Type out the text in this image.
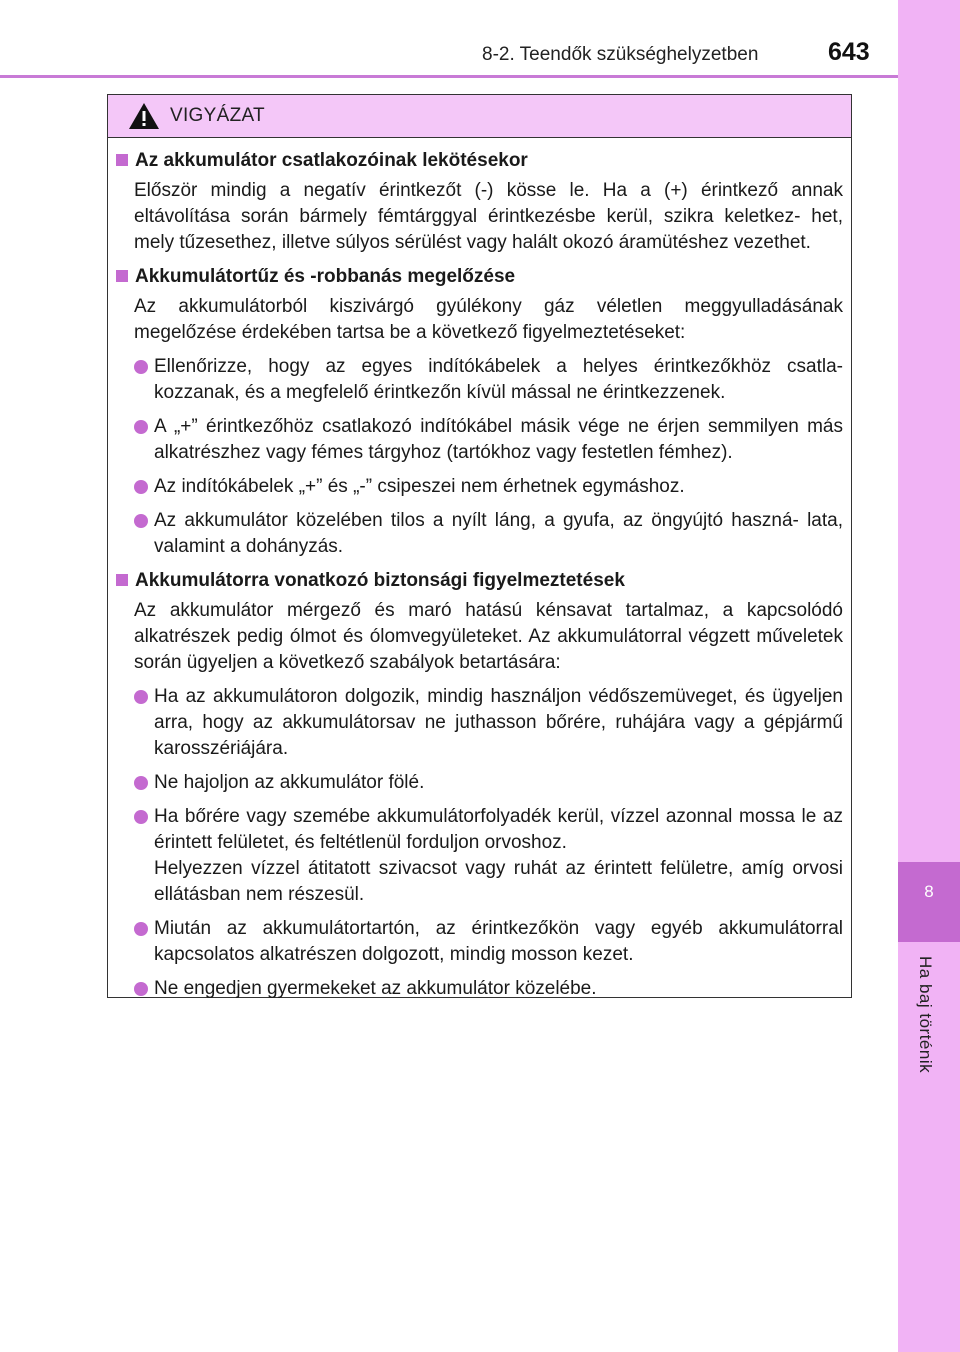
8-2. Teendők szükséghelyzetben	643
8
Ha baj történik
VIGYÁZAT
Az akkumulátor csatlakozóinak lekötésekor
Először mindig a negatív érintkezőt (-) kösse le. Ha a (+) érintkező annak eltávolítása során bármely fémtárggyal érintkezésbe kerül, szikra keletkez- het, mely tűzesethez, illetve súlyos sérülést vagy halált okozó áramütéshez vezethet.
Akkumulátortűz és -robbanás megelőzése
Az akkumulátorból kiszivárgó gyúlékony gáz véletlen meggyulladásának megelőzése érdekében tartsa be a következő figyelmeztetéseket:
Ellenőrizze, hogy az egyes indítókábelek a helyes érintkezőkhöz csatla- kozzanak, és a megfelelő érintkezőn kívül mással ne érintkezzenek.
A „+” érintkezőhöz csatlakozó indítókábel másik vége ne érjen semmilyen más alkatrészhez vagy fémes tárgyhoz (tartókhoz vagy festetlen fémhez).
Az indítókábelek „+” és „-” csipeszei nem érhetnek egymáshoz.
Az akkumulátor közelében tilos a nyílt láng, a gyufa, az öngyújtó haszná- lata, valamint a dohányzás.
Akkumulátorra vonatkozó biztonsági figyelmeztetések
Az akkumulátor mérgező és maró hatású kénsavat tartalmaz, a kapcsolódó alkatrészek pedig ólmot és ólomvegyületeket. Az akkumulátorral végzett műveletek során ügyeljen a következő szabályok betartására:
Ha az akkumulátoron dolgozik, mindig használjon védőszemüveget, és ügyeljen arra, hogy az akkumulátorsav ne juthasson bőrére, ruhájára vagy a gépjármű karosszériájára.
Ne hajoljon az akkumulátor fölé.
Ha bőrére vagy szemébe akkumulátorfolyadék kerül, vízzel azonnal mossa le az érintett felületet, és feltétlenül forduljon orvoshoz.
Helyezzen vízzel átitatott szivacsot vagy ruhát az érintett felületre, amíg orvosi ellátásban nem részesül.
Miután az akkumulátortartón, az érintkezőkön vagy egyéb akkumulátorral kapcsolatos alkatrészen dolgozott, mindig mosson kezet.
Ne engedjen gyermekeket az akkumulátor közelébe.
